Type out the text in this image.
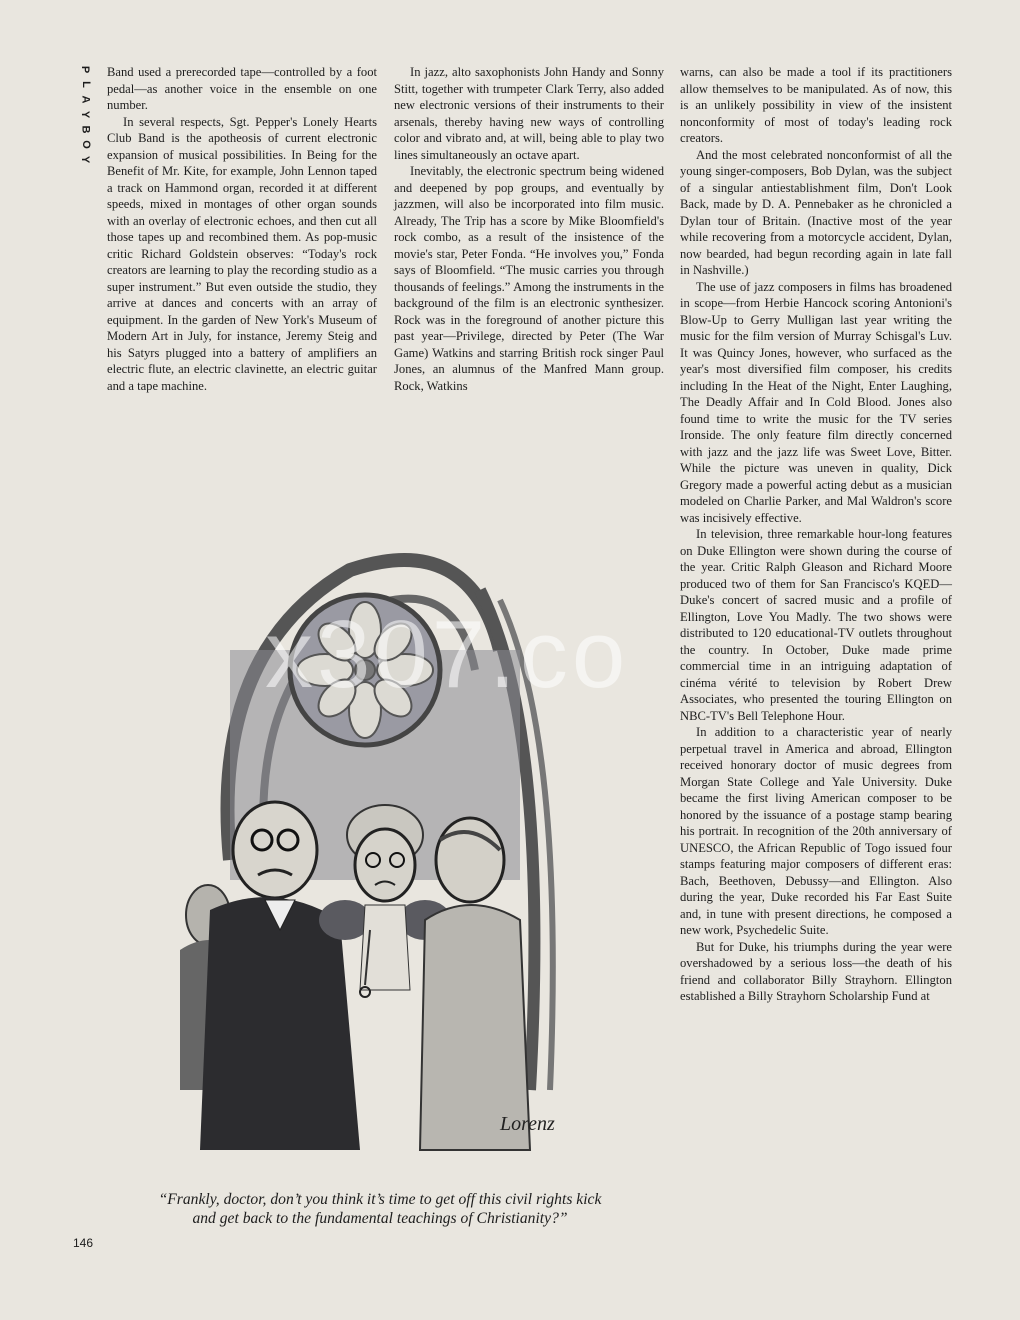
P
L
A
Y
B
O
Y

Band used a prerecorded tape—controlled by a foot pedal—as another voice in the ensemble on one number.

In several respects, Sgt. Pepper's Lonely Hearts Club Band is the apotheosis of current electronic expansion of musical possibilities. In Being for the Benefit of Mr. Kite, for example, John Lennon taped a track on Hammond organ, recorded it at different speeds, mixed in montages of other organ sounds with an overlay of electronic echoes, and then cut all those tapes up and recombined them. As pop-music critic Richard Goldstein observes: “Today's rock creators are learning to play the recording studio as a super instrument.” But even outside the studio, they arrive at dances and concerts with an array of equipment. In the garden of New York's Museum of Modern Art in July, for instance, Jeremy Steig and his Satyrs plugged into a battery of amplifiers an electric flute, an electric clavinette, an electric guitar and a tape machine.

In jazz, alto saxophonists John Handy and Sonny Stitt, together with trumpeter Clark Terry, also added new electronic versions of their instruments to their arsenals, thereby having new ways of controlling color and vibrato and, at will, being able to play two lines simultaneously an octave apart.

Inevitably, the electronic spectrum being widened and deepened by pop groups, and eventually by jazzmen, will also be incorporated into film music. Already, The Trip has a score by Mike Bloomfield's rock combo, as a result of the insistence of the movie's star, Peter Fonda. “He involves you,” Fonda says of Bloomfield. “The music carries you through thousands of feelings.” Among the instruments in the background of the film is an electronic synthesizer. Rock was in the foreground of another picture this past year—Privilege, directed by Peter (The War Game) Watkins and starring British rock singer Paul Jones, an alumnus of the Manfred Mann group. Rock, Watkins

warns, can also be made a tool if its practitioners allow themselves to be manipulated. As of now, this is an unlikely possibility in view of the insistent nonconformity of most of today's leading rock creators.

And the most celebrated nonconformist of all the young singer-composers, Bob Dylan, was the subject of a singular antiestablishment film, Don't Look Back, made by D. A. Pennebaker as he chronicled a Dylan tour of Britain. (Inactive most of the year while recovering from a motorcycle accident, Dylan, now bearded, had begun recording again in late fall in Nashville.)

The use of jazz composers in films has broadened in scope—from Herbie Hancock scoring Antonioni's Blow-Up to Gerry Mulligan last year writing the music for the film version of Murray Schisgal's Luv. It was Quincy Jones, however, who surfaced as the year's most diversified film composer, his credits including In the Heat of the Night, Enter Laughing, The Deadly Affair and In Cold Blood. Jones also found time to write the music for the TV series Ironside. The only feature film directly concerned with jazz and the jazz life was Sweet Love, Bitter. While the picture was uneven in quality, Dick Gregory made a powerful acting debut as a musician modeled on Charlie Parker, and Mal Waldron's score was incisively effective.

In television, three remarkable hour-long features on Duke Ellington were shown during the course of the year. Critic Ralph Gleason and Richard Moore produced two of them for San Francisco's KQED—Duke's concert of sacred music and a profile of Ellington, Love You Madly. The two shows were distributed to 120 educational-TV outlets throughout the country. In October, Duke made prime commercial time in an intriguing adaptation of cinéma vérité to television by Robert Drew Associates, who presented the touring Ellington on NBC-TV's Bell Telephone Hour.

In addition to a characteristic year of nearly perpetual travel in America and abroad, Ellington received honorary doctor of music degrees from Morgan State College and Yale University. Duke became the first living American composer to be honored by the issuance of a postage stamp bearing his portrait. In recognition of the 20th anniversary of UNESCO, the African Republic of Togo issued four stamps featuring major composers of different eras: Bach, Beethoven, Debussy—and Ellington. Also during the year, Duke recorded his Far East Suite and, in tune with present directions, he composed a new work, Psychedelic Suite.

But for Duke, his triumphs during the year were overshadowed by a serious loss—the death of his friend and collaborator Billy Strayhorn. Ellington established a Billy Strayhorn Scholarship Fund at

Lorenz
“Frankly, doctor, don’t you think it’s time to get off this civil rights kick and get back to the fundamental teachings of Christianity?”
146
x307.co
